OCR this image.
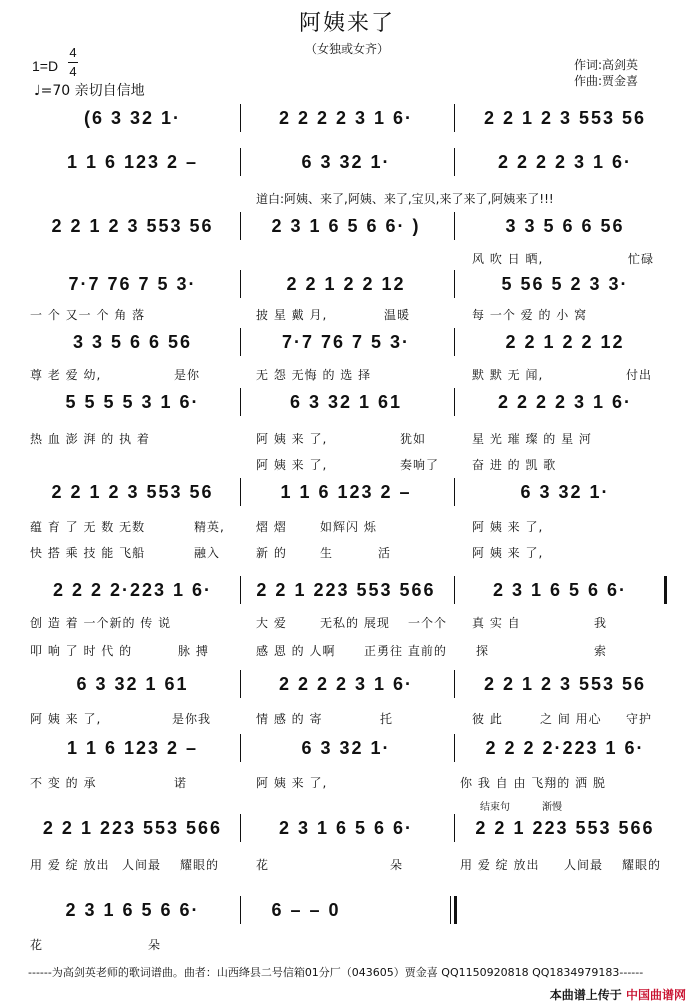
阿姨来了
（女独或女齐）
1=D
4
4
♩=70 亲切自信地
作词:高剑英
作曲:贾金喜
(6 3 32 1·	2 2 2 2 3 1 6·	2 2 1 2 3 553 56
1 1 6 123 2 –	6 3 32 1·	2 2 2 2 3 1 6·
道白:阿姨、来了,阿姨、来了,宝贝,来了来了,阿姨来了!!!
2 2 1 2 3 553 56	2 3 1 6 5 6 6· )	3 3 5 6 6 56
风 吹 日 晒,	忙碌
7·7 76 7 5 3·	2 2 1 2 2 12	5 56 5 2 3 3·
一 个 又一 个 角 落	披 星 戴 月,	温暖	每 一个 爱 的 小 窝
3 3 5 6 6 56	7·7 76 7 5 3·	2 2 1 2 2 12
尊 老 爱 幼,	是你	无 怨 无悔 的 选 择	默 默 无 闻,	付出
5 5 5 5 3 1 6·	6 3 32 1 61	2 2 2 2 3 1 6·
热 血 澎 湃 的 执 着	阿 姨 来 了,	犹如	星 光 璀 璨 的 星 河
阿 姨 来 了,	奏响了	奋 进 的 凯 歌
2 2 1 2 3 553 56	1 1 6 123 2 –	6 3 32 1·
蕴 育 了 无 数 无数	精英,	熠 熠	如辉闪 烁	阿 姨 来 了,
快 搭 乘 技 能 飞船	融入	新 的	生	活	阿 姨 来 了,
2 2 2 2·223 1 6·	2 2 1 223 553 566	2 3 1 6 5 6 6·
创 造 着 一个新的 传 说	大 爱	无私的 展现 一个个 真 实 自	我
叩 响 了 时 代 的	脉 搏	感 恩 的 人啊 正勇往 直前的 探	索
6 3 32 1 61	2 2 2 2 3 1 6·	2 2 1 2 3 553 56
阿 姨 来 了,	是你我	情 感 的 寄	托	彼 此	之 间 用心 守护
1 1 6 123 2 –	6 3 32 1·	2 2 2 2·223 1 6·
不 变 的 承	诺	阿 姨 来 了,	你 我 自 由 飞翔的 洒 脱
结束句	渐慢
2 2 1 223 553 566	2 3 1 6 5 6 6·	2 2 1 223 553 566
用 爱 绽 放出 人间最 耀眼的	花	朵	用 爱 绽 放出 人间最 耀眼的
2 3 1 6 5 6 6·	6 – – 0
花	朵
------为高剑英老师的歌词谱曲。曲者：山西绛县二号信箱01分厂（043605）贾金喜 QQ1150920818 QQ1834979183------
本曲谱上传于 中国曲谱网
